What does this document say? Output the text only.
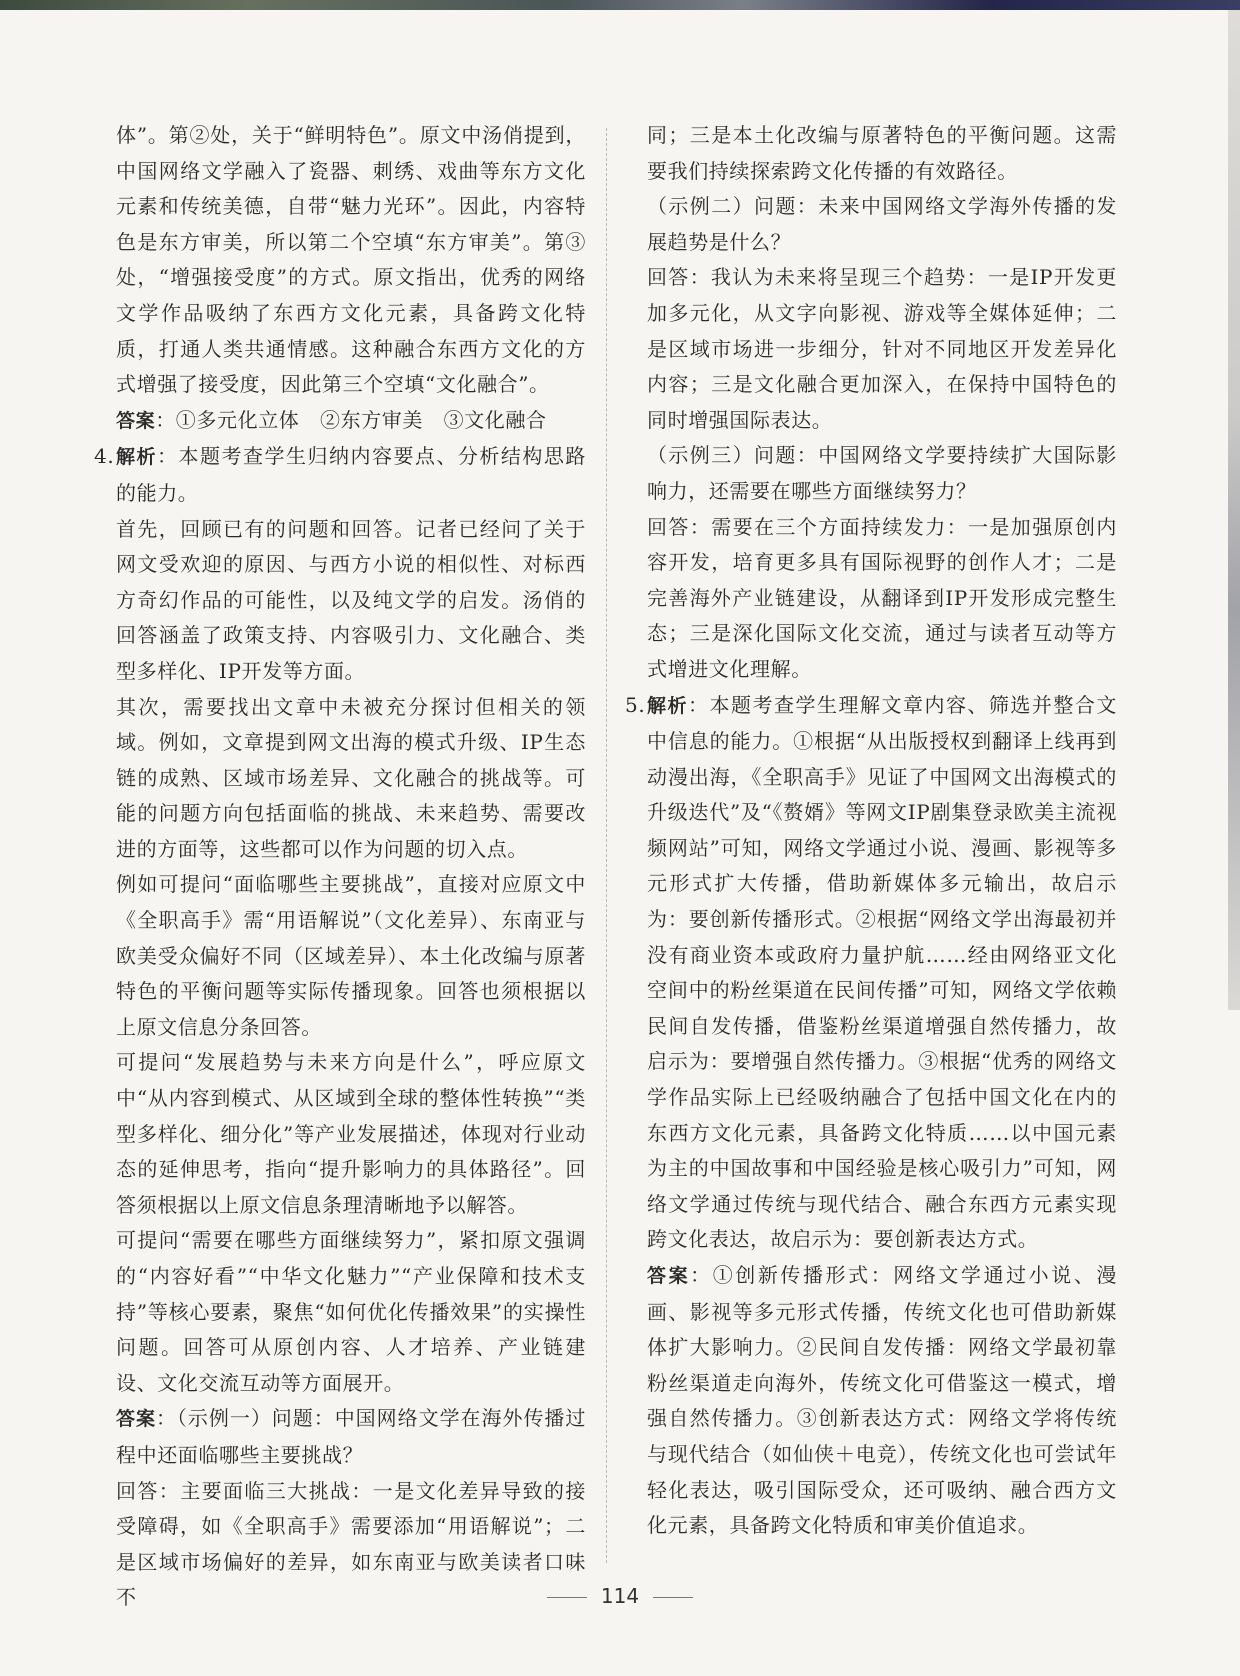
体”。第②处，关于“鲜明特色”。原文中汤俏提到，中国网络文学融入了瓷器、刺绣、戏曲等东方文化元素和传统美德，自带“魅力光环”。因此，内容特色是东方审美，所以第二个空填“东方审美”。第③处，“增强接受度”的方式。原文指出，优秀的网络文学作品吸纳了东西方文化元素，具备跨文化特质，打通人类共通情感。这种融合东西方文化的方式增强了接受度，因此第三个空填“文化融合”。

答案：①多元化立体　②东方审美　③文化融合

4. 解析：本题考查学生归纳内容要点、分析结构思路的能力。

首先，回顾已有的问题和回答。记者已经问了关于网文受欢迎的原因、与西方小说的相似性、对标西方奇幻作品的可能性，以及纯文学的启发。汤俏的回答涵盖了政策支持、内容吸引力、文化融合、类型多样化、IP开发等方面。

其次，需要找出文章中未被充分探讨但相关的领域。例如，文章提到网文出海的模式升级、IP生态链的成熟、区域市场差异、文化融合的挑战等。可能的问题方向包括面临的挑战、未来趋势、需要改进的方面等，这些都可以作为问题的切入点。

例如可提问“面临哪些主要挑战”，直接对应原文中《全职高手》需“用语解说”（文化差异）、东南亚与欧美受众偏好不同（区域差异）、本土化改编与原著特色的平衡问题等实际传播现象。回答也须根据以上原文信息分条回答。

可提问“发展趋势与未来方向是什么”，呼应原文中“从内容到模式、从区域到全球的整体性转换”“类型多样化、细分化”等产业发展描述，体现对行业动态的延伸思考，指向“提升影响力的具体路径”。回答须根据以上原文信息条理清晰地予以解答。

可提问“需要在哪些方面继续努力”，紧扣原文强调的“内容好看”“中华文化魅力”“产业保障和技术支持”等核心要素，聚焦“如何优化传播效果”的实操性问题。回答可从原创内容、人才培养、产业链建设、文化交流互动等方面展开。

答案：（示例一）问题：中国网络文学在海外传播过程中还面临哪些主要挑战？

回答：主要面临三大挑战：一是文化差异导致的接受障碍，如《全职高手》需要添加“用语解说”；二是区域市场偏好的差异，如东南亚与欧美读者口味不

同；三是本土化改编与原著特色的平衡问题。这需要我们持续探索跨文化传播的有效路径。

（示例二）问题：未来中国网络文学海外传播的发展趋势是什么？

回答：我认为未来将呈现三个趋势：一是IP开发更加多元化，从文字向影视、游戏等全媒体延伸；二是区域市场进一步细分，针对不同地区开发差异化内容；三是文化融合更加深入，在保持中国特色的同时增强国际表达。

（示例三）问题：中国网络文学要持续扩大国际影响力，还需要在哪些方面继续努力？

回答：需要在三个方面持续发力：一是加强原创内容开发，培育更多具有国际视野的创作人才；二是完善海外产业链建设，从翻译到IP开发形成完整生态；三是深化国际文化交流，通过与读者互动等方式增进文化理解。

5. 解析：本题考查学生理解文章内容、筛选并整合文中信息的能力。①根据“从出版授权到翻译上线再到动漫出海，《全职高手》见证了中国网文出海模式的升级迭代”及“《赘婿》等网文IP剧集登录欧美主流视频网站”可知，网络文学通过小说、漫画、影视等多元形式扩大传播，借助新媒体多元输出，故启示为：要创新传播形式。②根据“网络文学出海最初并没有商业资本或政府力量护航……经由网络亚文化空间中的粉丝渠道在民间传播”可知，网络文学依赖民间自发传播，借鉴粉丝渠道增强自然传播力，故启示为：要增强自然传播力。③根据“优秀的网络文学作品实际上已经吸纳融合了包括中国文化在内的东西方文化元素，具备跨文化特质……以中国元素为主的中国故事和中国经验是核心吸引力”可知，网络文学通过传统与现代结合、融合东西方元素实现跨文化表达，故启示为：要创新表达方式。

答案：①创新传播形式：网络文学通过小说、漫画、影视等多元形式传播，传统文化也可借助新媒体扩大影响力。②民间自发传播：网络文学最初靠粉丝渠道走向海外，传统文化可借鉴这一模式，增强自然传播力。③创新表达方式：网络文学将传统与现代结合（如仙侠＋电竞），传统文化也可尝试年轻化表达，吸引国际受众，还可吸纳、融合西方文化元素，具备跨文化特质和审美价值追求。

114
